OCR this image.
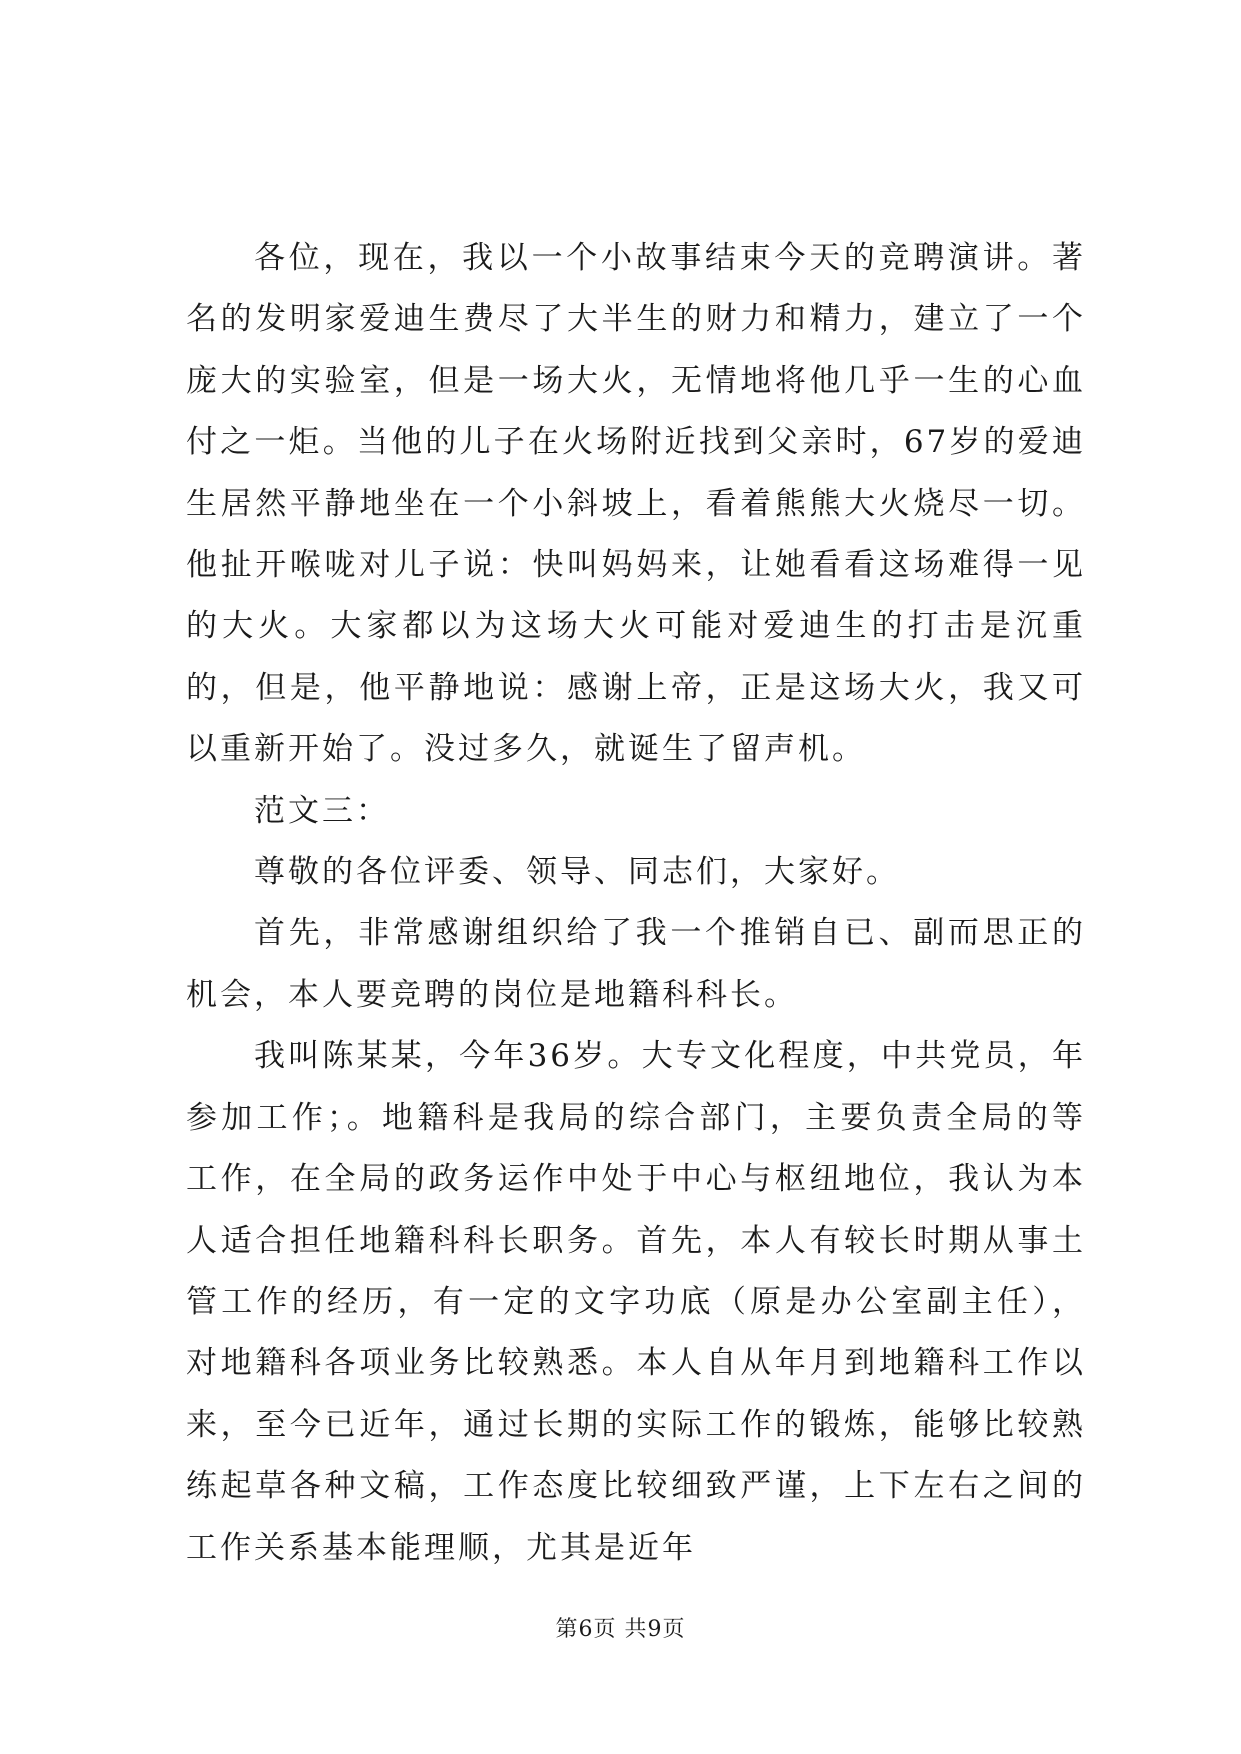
各位，现在，我以一个小故事结束今天的竞聘演讲。著名的发明家爱迪生费尽了大半生的财力和精力，建立了一个庞大的实验室，但是一场大火，无情地将他几乎一生的心血付之一炬。当他的儿子在火场附近找到父亲时，67岁的爱迪生居然平静地坐在一个小斜坡上，看着熊熊大火烧尽一切。他扯开喉咙对儿子说：快叫妈妈来，让她看看这场难得一见的大火。大家都以为这场大火可能对爱迪生的打击是沉重的，但是，他平静地说：感谢上帝，正是这场大火，我又可以重新开始了。没过多久，就诞生了留声机。

范文三：

尊敬的各位评委、领导、同志们，大家好。

首先，非常感谢组织给了我一个推销自已、副而思正的机会，本人要竞聘的岗位是地籍科科长。

我叫陈某某，今年36岁。大专文化程度，中共党员，年参加工作；。地籍科是我局的综合部门，主要负责全局的等工作，在全局的政务运作中处于中心与枢纽地位，我认为本人适合担任地籍科科长职务。首先，本人有较长时期从事土管工作的经历，有一定的文字功底（原是办公室副主任），对地籍科各项业务比较熟悉。本人自从年月到地籍科工作以来，至今已近年，通过长期的实际工作的锻炼，能够比较熟练起草各种文稿，工作态度比较细致严谨，上下左右之间的工作关系基本能理顺，尤其是近年

第6页 共9页
